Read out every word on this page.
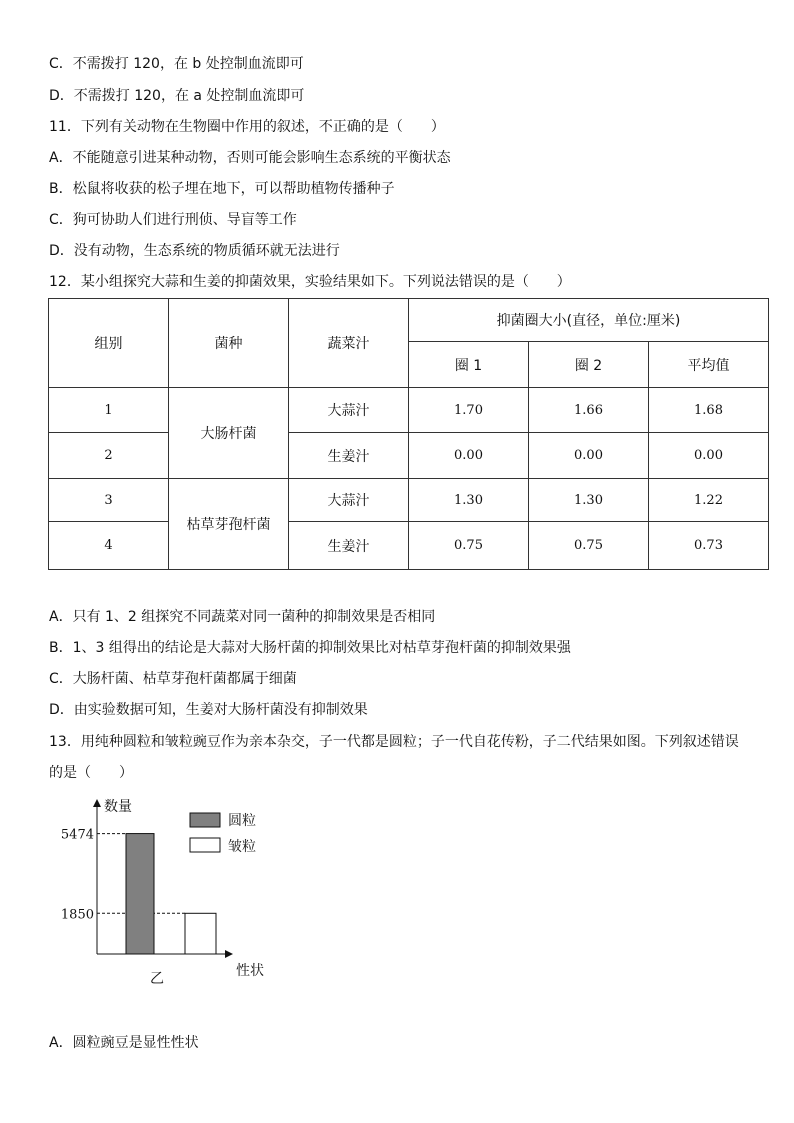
C．不需拨打 120，在 b 处控制血流即可
D．不需拨打 120，在 a 处控制血流即可
11．下列有关动物在生物圈中作用的叙述，不正确的是（　　）
A．不能随意引进某种动物，否则可能会影响生态系统的平衡状态
B．松鼠将收获的松子埋在地下，可以帮助植物传播种子
C．狗可协助人们进行刑侦、导盲等工作
D．没有动物，生态系统的物质循环就无法进行
12．某小组探究大蒜和生姜的抑菌效果，实验结果如下。下列说法错误的是（　　）
组别	菌种	蔬菜汁	抑菌圈大小(直径，单位:厘米)		
			圈 1	圈 2	平均值
1	大肠杆菌	大蒜汁	1.70	1.66	1.68
2		生姜汁	0.00	0.00	0.00
3	枯草芽孢杆菌	大蒜汁	1.30	1.30	1.22
4		生姜汁	0.75	0.75	0.73
A．只有 1、2 组探究不同蔬菜对同一菌种的抑制效果是否相同
B．1、3 组得出的结论是大蒜对大肠杆菌的抑制效果比对枯草芽孢杆菌的抑制效果强
C．大肠杆菌、枯草芽孢杆菌都属于细菌
D．由实验数据可知，生姜对大肠杆菌没有抑制效果
13．用纯种圆粒和皱粒豌豆作为亲本杂交，子一代都是圆粒；子一代自花传粉，子二代结果如图。下列叙述错误
的是（　　）
数量
性状
乙
5474
1850
圆粒
皱粒
A．圆粒豌豆是显性性状
